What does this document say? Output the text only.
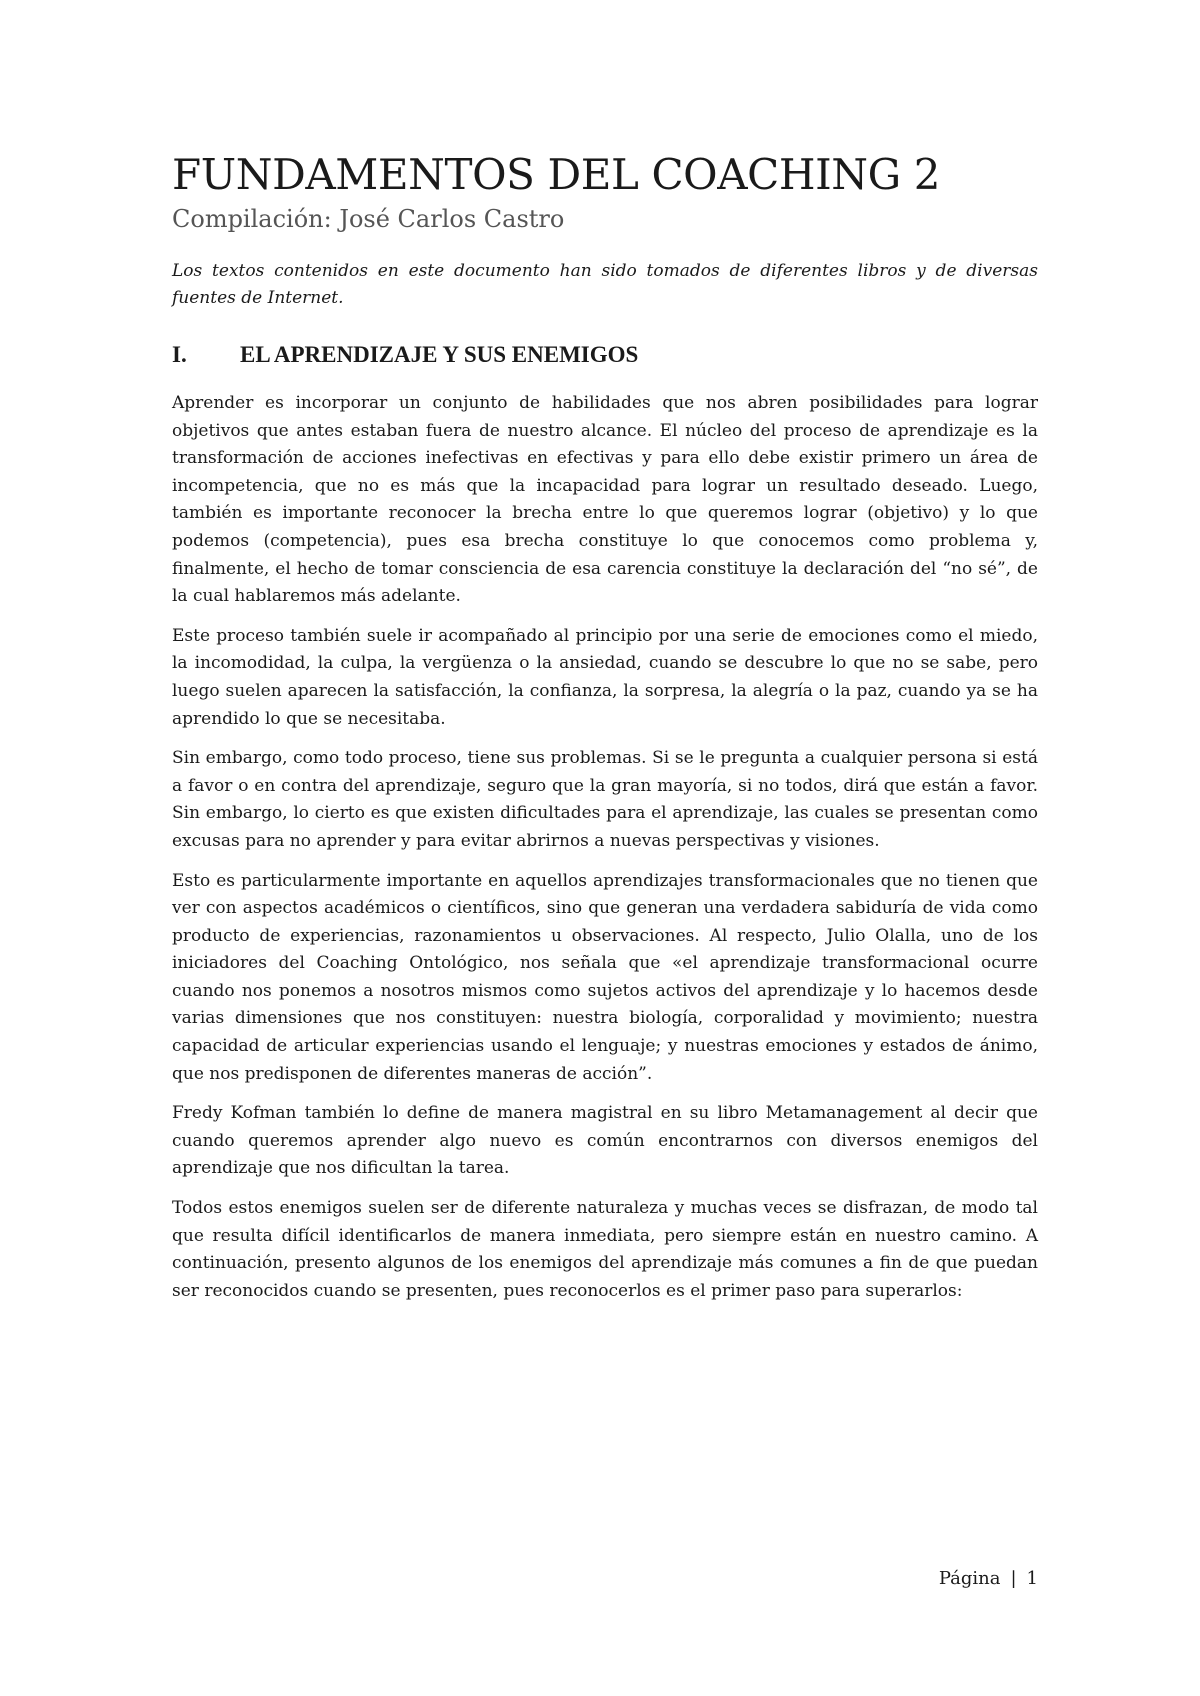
FUNDAMENTOS DEL COACHING 2
Compilación: José Carlos Castro

Los textos contenidos en este documento han sido tomados de diferentes libros y de diversas fuentes de Internet.

I.	EL APRENDIZAJE Y SUS ENEMIGOS

Aprender es incorporar un conjunto de habilidades que nos abren posibilidades para lograr objetivos que antes estaban fuera de nuestro alcance. El núcleo del proceso de aprendizaje es la transformación de acciones inefectivas en efectivas y para ello debe existir primero un área de incompetencia, que no es más que la incapacidad para lograr un resultado deseado. Luego, también es importante reconocer la brecha entre lo que queremos lograr (objetivo) y lo que podemos (competencia), pues esa brecha constituye lo que conocemos como problema y, finalmente, el hecho de tomar consciencia de esa carencia constituye la declaración del “no sé”, de la cual hablaremos más adelante.

Este proceso también suele ir acompañado al principio por una serie de emociones como el miedo, la incomodidad, la culpa, la vergüenza o la ansiedad, cuando se descubre lo que no se sabe, pero luego suelen aparecen la satisfacción, la confianza, la sorpresa, la alegría o la paz, cuando ya se ha aprendido lo que se necesitaba.

Sin embargo, como todo proceso, tiene sus problemas. Si se le pregunta a cualquier persona si está a favor o en contra del aprendizaje, seguro que la gran mayoría, si no todos, dirá que están a favor. Sin embargo, lo cierto es que existen dificultades para el aprendizaje, las cuales se presentan como excusas para no aprender y para evitar abrirnos a nuevas perspectivas y visiones.

Esto es particularmente importante en aquellos aprendizajes transformacionales que no tienen que ver con aspectos académicos o científicos, sino que generan una verdadera sabiduría de vida como producto de experiencias, razonamientos u observaciones. Al respecto, Julio Olalla, uno de los iniciadores del Coaching Ontológico, nos señala que «el aprendizaje transformacional ocurre cuando nos ponemos a nosotros mismos como sujetos activos del aprendizaje y lo hacemos desde varias dimensiones que nos constituyen: nuestra biología, corporalidad y movimiento; nuestra capacidad de articular experiencias usando el lenguaje; y nuestras emociones y estados de ánimo, que nos predisponen de diferentes maneras de acción”.

Fredy Kofman también lo define de manera magistral en su libro Metamanagement al decir que cuando queremos aprender algo nuevo es común encontrarnos con diversos enemigos del aprendizaje que nos dificultan la tarea.

Todos estos enemigos suelen ser de diferente naturaleza y muchas veces se disfrazan, de modo tal que resulta difícil identificarlos de manera inmediata, pero siempre están en nuestro camino. A continuación, presento algunos de los enemigos del aprendizaje más comunes a fin de que puedan ser reconocidos cuando se presenten, pues reconocerlos es el primer paso para superarlos:

Página | 1
